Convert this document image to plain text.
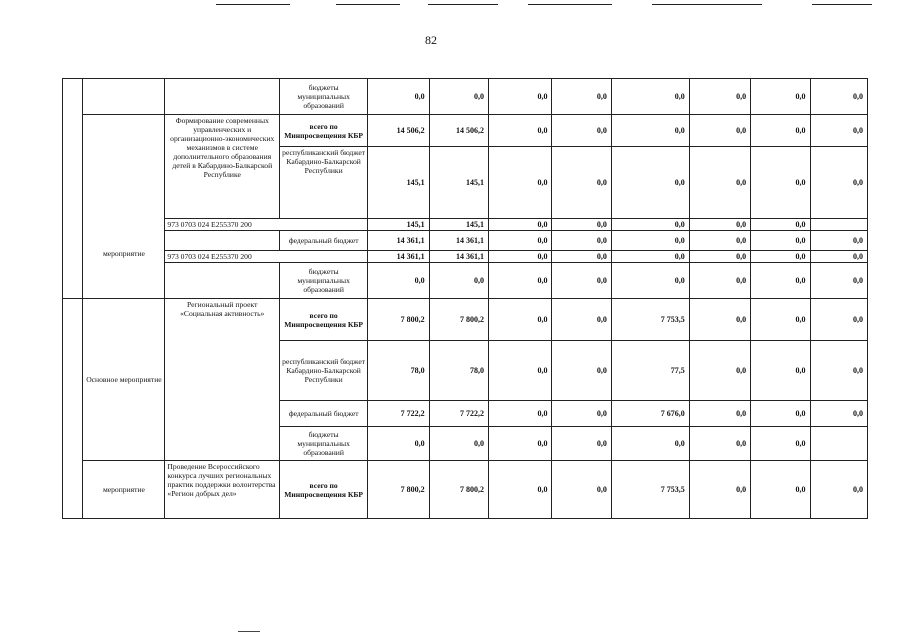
82
			бюджеты муниципальных образований	0,0	0,0	0,0	0,0	0,0	0,0	0,0	0,0
	мероприятие	Формирование современных управленческих и организационно-экономических механизмов в системе дополнительного образования детей в Кабардино-Балкарской Республике	всего по Минпросвещения КБР	14 506,2	14 506,2	0,0	0,0	0,0	0,0	0,0	0,0
			республиканский бюджет Кабардино-Балкарской Республики	145,1	145,1	0,0	0,0	0,0	0,0	0,0	0,0
		973 0703 024 Е255370 200		145,1	145,1	0,0	0,0	0,0	0,0	0,0	
			федеральный бюджет	14 361,1	14 361,1	0,0	0,0	0,0	0,0	0,0	0,0
		973 0703 024 Е255370 200		14 361,1	14 361,1	0,0	0,0	0,0	0,0	0,0	0,0
			бюджеты муниципальных образований	0,0	0,0	0,0	0,0	0,0	0,0	0,0	0,0
	Основное мероприятие	Региональный проект «Социальная активность»	всего по Минпросвещения КБР	7 800,2	7 800,2	0,0	0,0	7 753,5	0,0	0,0	0,0
			республиканский бюджет Кабардино-Балкарской Республики	78,0	78,0	0,0	0,0	77,5	0,0	0,0	0,0
			федеральный бюджет	7 722,2	7 722,2	0,0	0,0	7 676,0	0,0	0,0	0,0
			бюджеты муниципальных образований	0,0	0,0	0,0	0,0	0,0	0,0	0,0	
	мероприятие	Проведение Всероссийского конкурса лучших региональных практик поддержки волонтерства «Регион добрых дел»	всего по Минпросвещения КБР	7 800,2	7 800,2	0,0	0,0	7 753,5	0,0	0,0	0,0
